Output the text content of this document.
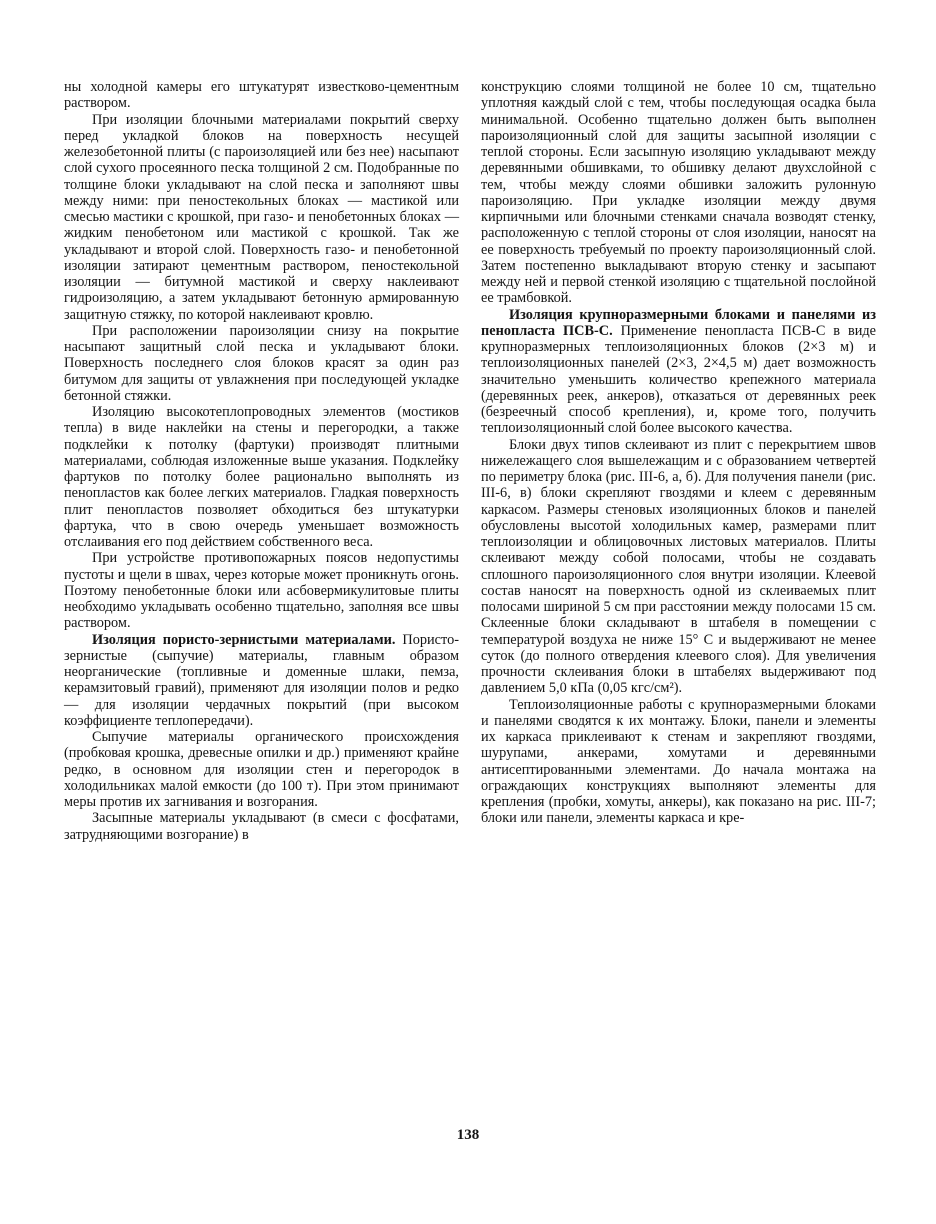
ны холодной камеры его штукатурят известково-цементным раствором.

При изоляции блочными материалами покрытий сверху перед укладкой блоков на поверхность несущей железобетонной плиты (с пароизоляцией или без нее) насыпают слой сухого просеянного песка толщиной 2 см. Подобранные по толщине блоки укладывают на слой песка и заполняют швы между ними: при пеностекольных блоках — мастикой или смесью мастики с крошкой, при газо- и пенобетонных блоках — жидким пенобетоном или мастикой с крошкой. Так же укладывают и второй слой. Поверхность газо- и пенобетонной изоляции затирают цементным раствором, пеностекольной изоляции — битумной мастикой и сверху наклеивают гидроизоляцию, а затем укладывают бетонную армированную защитную стяжку, по которой наклеивают кровлю.

При расположении пароизоляции снизу на покрытие насыпают защитный слой песка и укладывают блоки. Поверхность последнего слоя блоков красят за один раз битумом для защиты от увлажнения при последующей укладке бетонной стяжки.

Изоляцию высокотеплопроводных элементов (мостиков тепла) в виде наклейки на стены и перегородки, а также подклейки к потолку (фартуки) производят плитными материалами, соблюдая изложенные выше указания. Подклейку фартуков по потолку более рационально выполнять из пенопластов как более легких материалов. Гладкая поверхность плит пенопластов позволяет обходиться без штукатурки фартука, что в свою очередь уменьшает возможность отслаивания его под действием собственного веса.

При устройстве противопожарных поясов недопустимы пустоты и щели в швах, через которые может проникнуть огонь. Поэтому пенобетонные блоки или асбовермикулитовые плиты необходимо укладывать особенно тщательно, заполняя все швы раствором.

Изоляция пористо-зернистыми материалами. Пористо-зернистые (сыпучие) материалы, главным образом неорганические (топливные и доменные шлаки, пемза, керамзитовый гравий), применяют для изоляции полов и редко — для изоляции чердачных покрытий (при высоком коэффициенте теплопередачи).

Сыпучие материалы органического происхождения (пробковая крошка, древесные опилки и др.) применяют крайне редко, в основном для изоляции стен и перегородок в холодильниках малой емкости (до 100 т). При этом принимают меры против их загнивания и возгорания.

Засыпные материалы укладывают (в смеси с фосфатами, затрудняющими возгорание) в

конструкцию слоями толщиной не более 10 см, тщательно уплотняя каждый слой с тем, чтобы последующая осадка была минимальной. Особенно тщательно должен быть выполнен пароизоляционный слой для защиты засыпной изоляции с теплой стороны. Если засыпную изоляцию укладывают между деревянными обшивками, то обшивку делают двухслойной с тем, чтобы между слоями обшивки заложить рулонную пароизоляцию. При укладке изоляции между двумя кирпичными или блочными стенками сначала возводят стенку, расположенную с теплой стороны от слоя изоляции, наносят на ее поверхность требуемый по проекту пароизоляционный слой. Затем постепенно выкладывают вторую стенку и засыпают между ней и первой стенкой изоляцию с тщательной послойной ее трамбовкой.

Изоляция крупноразмерными блоками и панелями из пенопласта ПСВ-С. Применение пенопласта ПСВ-С в виде крупноразмерных теплоизоляционных блоков (2×3 м) и теплоизоляционных панелей (2×3, 2×4,5 м) дает возможность значительно уменьшить количество крепежного материала (деревянных реек, анкеров), отказаться от деревянных реек (безреечный способ крепления), и, кроме того, получить теплоизоляционный слой более высокого качества.

Блоки двух типов склеивают из плит с перекрытием швов нижележащего слоя вышележащим и с образованием четвертей по периметру блока (рис. III-6, а, б). Для получения панели (рис. III-6, в) блоки скрепляют гвоздями и клеем с деревянным каркасом. Размеры стеновых изоляционных блоков и панелей обусловлены высотой холодильных камер, размерами плит теплоизоляции и облицовочных листовых материалов. Плиты склеивают между собой полосами, чтобы не создавать сплошного пароизоляционного слоя внутри изоляции. Клеевой состав наносят на поверхность одной из склеиваемых плит полосами шириной 5 см при расстоянии между полосами 15 см. Склеенные блоки складывают в штабеля в помещении с температурой воздуха не ниже 15° С и выдерживают не менее суток (до полного отвердения клеевого слоя). Для увеличения прочности склеивания блоки в штабелях выдерживают под давлением 5,0 кПа (0,05 кгс/см²).

Теплоизоляционные работы с крупноразмерными блоками и панелями сводятся к их монтажу. Блоки, панели и элементы их каркаса приклеивают к стенам и закрепляют гвоздями, шурупами, анкерами, хомутами и деревянными антисептированными элементами. До начала монтажа на ограждающих конструкциях выполняют элементы для крепления (пробки, хомуты, анкеры), как показано на рис. III-7; блоки или панели, элементы каркаса и кре-

138
